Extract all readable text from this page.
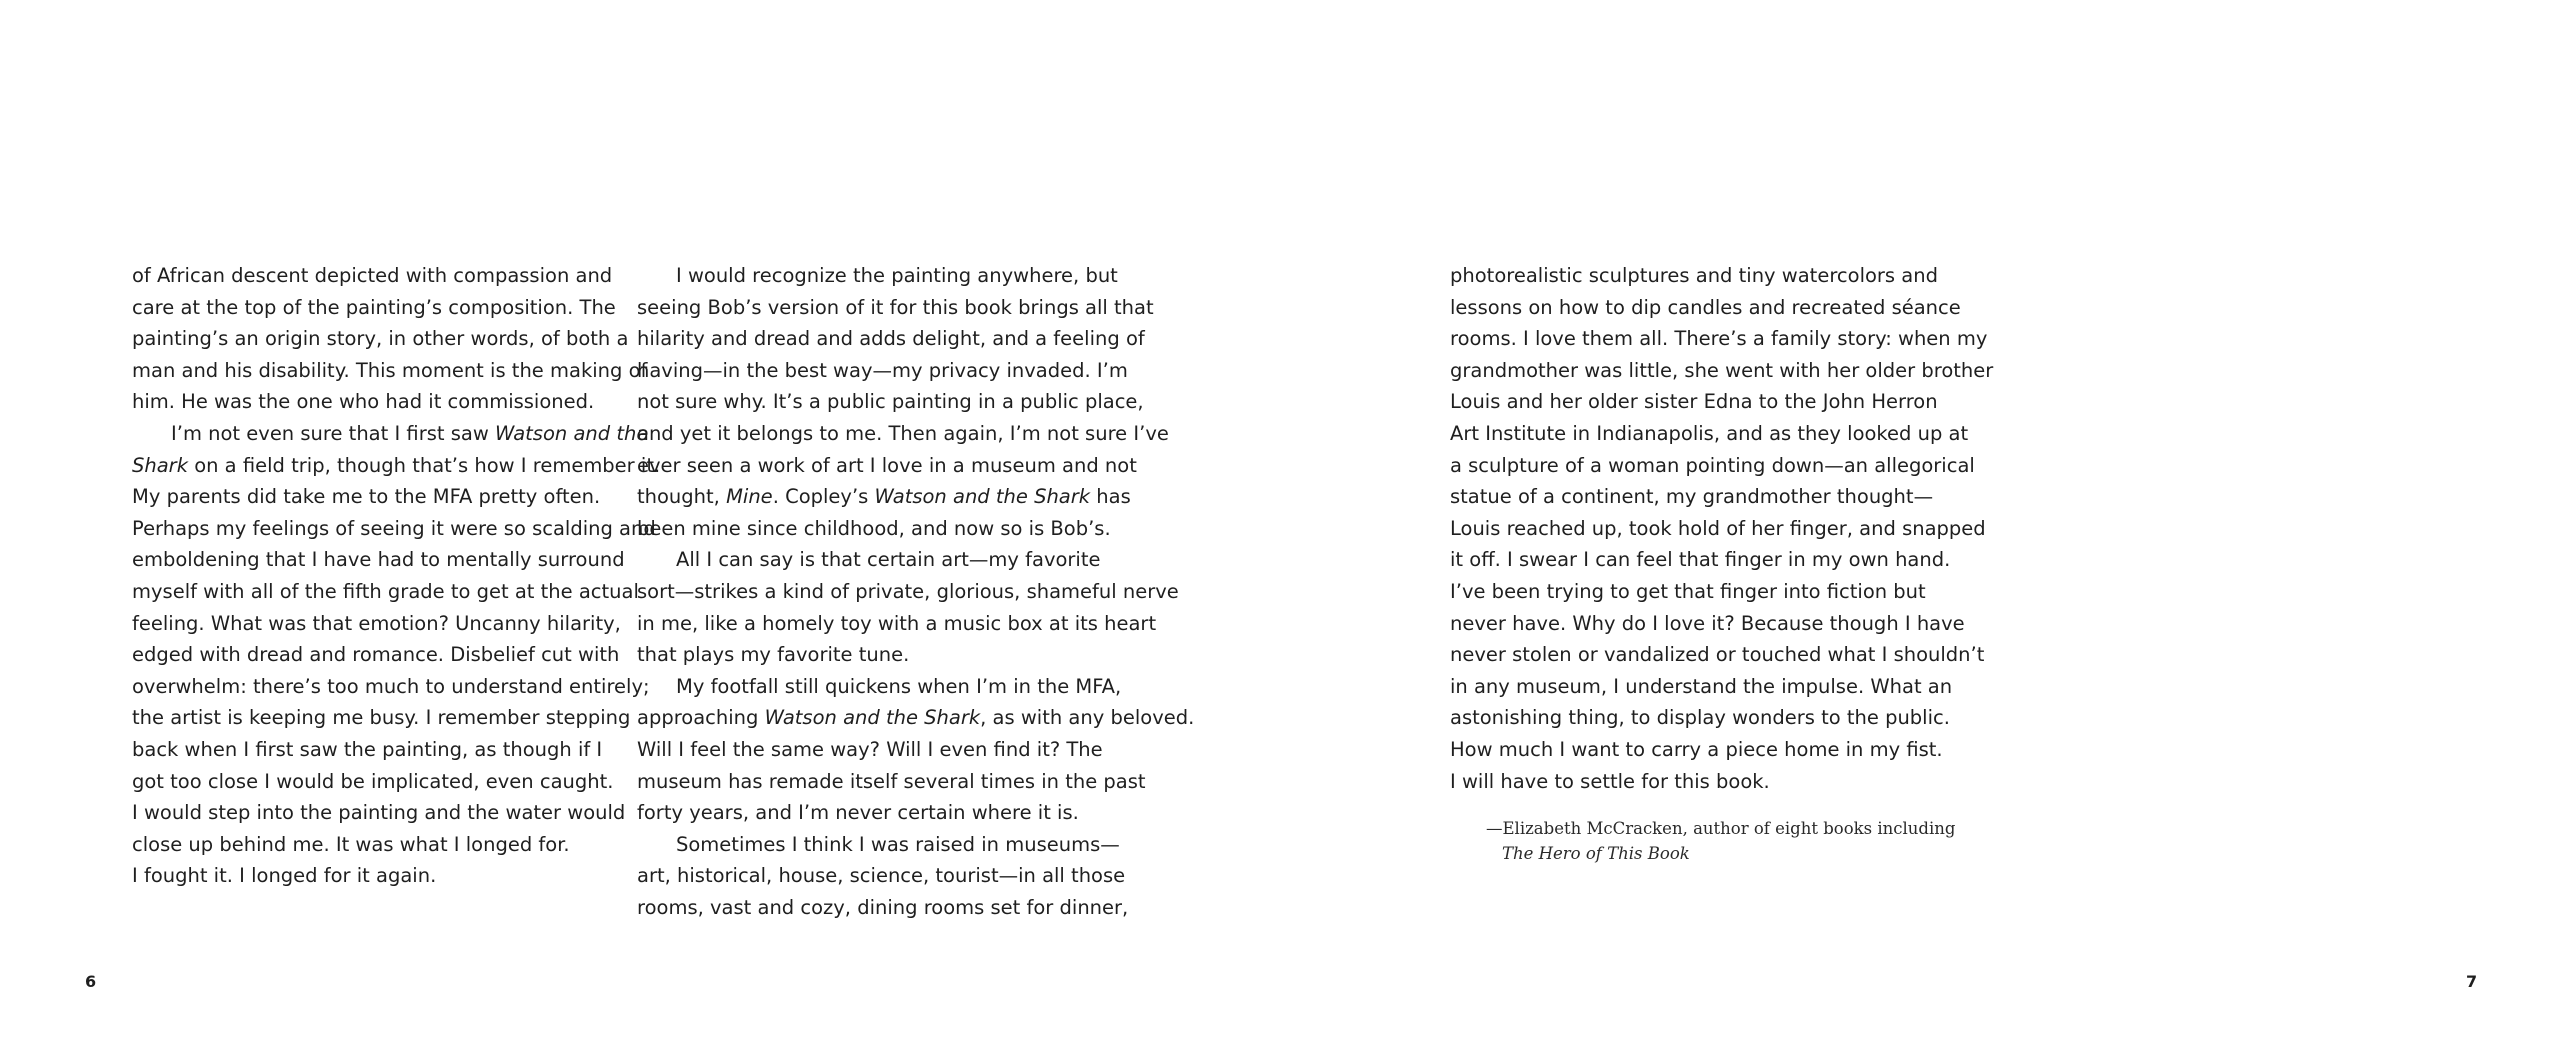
of African descent depicted with compassion and
care at the top of the painting’s composition. The
painting’s an origin story, in other words, of both a
man and his disability. This moment is the making of
him. He was the one who had it commissioned.
I’m not even sure that I first saw Watson and the
Shark on a field trip, though that’s how I remember it.
My parents did take me to the MFA pretty often.
Perhaps my feelings of seeing it were so scalding and
emboldening that I have had to mentally surround
myself with all of the fifth grade to get at the actual
feeling. What was that emotion? Uncanny hilarity,
edged with dread and romance. Disbelief cut with
overwhelm: there’s too much to understand entirely;
the artist is keeping me busy. I remember stepping
back when I first saw the painting, as though if I
got too close I would be implicated, even caught.
I would step into the painting and the water would
close up behind me. It was what I longed for.
I fought it. I longed for it again.
I would recognize the painting anywhere, but
seeing Bob’s version of it for this book brings all that
hilarity and dread and adds delight, and a feeling of
having—in the best way—my privacy invaded. I’m
not sure why. It’s a public painting in a public place,
and yet it belongs to me. Then again, I’m not sure I’ve
ever seen a work of art I love in a museum and not
thought, Mine. Copley’s Watson and the Shark has
been mine since childhood, and now so is Bob’s.
All I can say is that certain art—my favorite
sort—strikes a kind of private, glorious, shameful nerve
in me, like a homely toy with a music box at its heart
that plays my favorite tune.
My footfall still quickens when I’m in the MFA,
approaching Watson and the Shark, as with any beloved.
Will I feel the same way? Will I even find it? The
museum has remade itself several times in the past
forty years, and I’m never certain where it is.
Sometimes I think I was raised in museums—
art, historical, house, science, tourist—in all those
rooms, vast and cozy, dining rooms set for dinner,
photorealistic sculptures and tiny watercolors and
lessons on how to dip candles and recreated séance
rooms. I love them all. There’s a family story: when my
grandmother was little, she went with her older brother
Louis and her older sister Edna to the John Herron
Art Institute in Indianapolis, and as they looked up at
a sculpture of a woman pointing down—an allegorical
statue of a continent, my grandmother thought—
Louis reached up, took hold of her finger, and snapped
it off. I swear I can feel that finger in my own hand.
I’ve been trying to get that finger into fiction but
never have. Why do I love it? Because though I have
never stolen or vandalized or touched what I shouldn’t
in any museum, I understand the impulse. What an
astonishing thing, to display wonders to the public.
How much I want to carry a piece home in my fist.
I will have to settle for this book.
—Elizabeth McCracken, author of eight books including
The Hero of This Book
6	7
